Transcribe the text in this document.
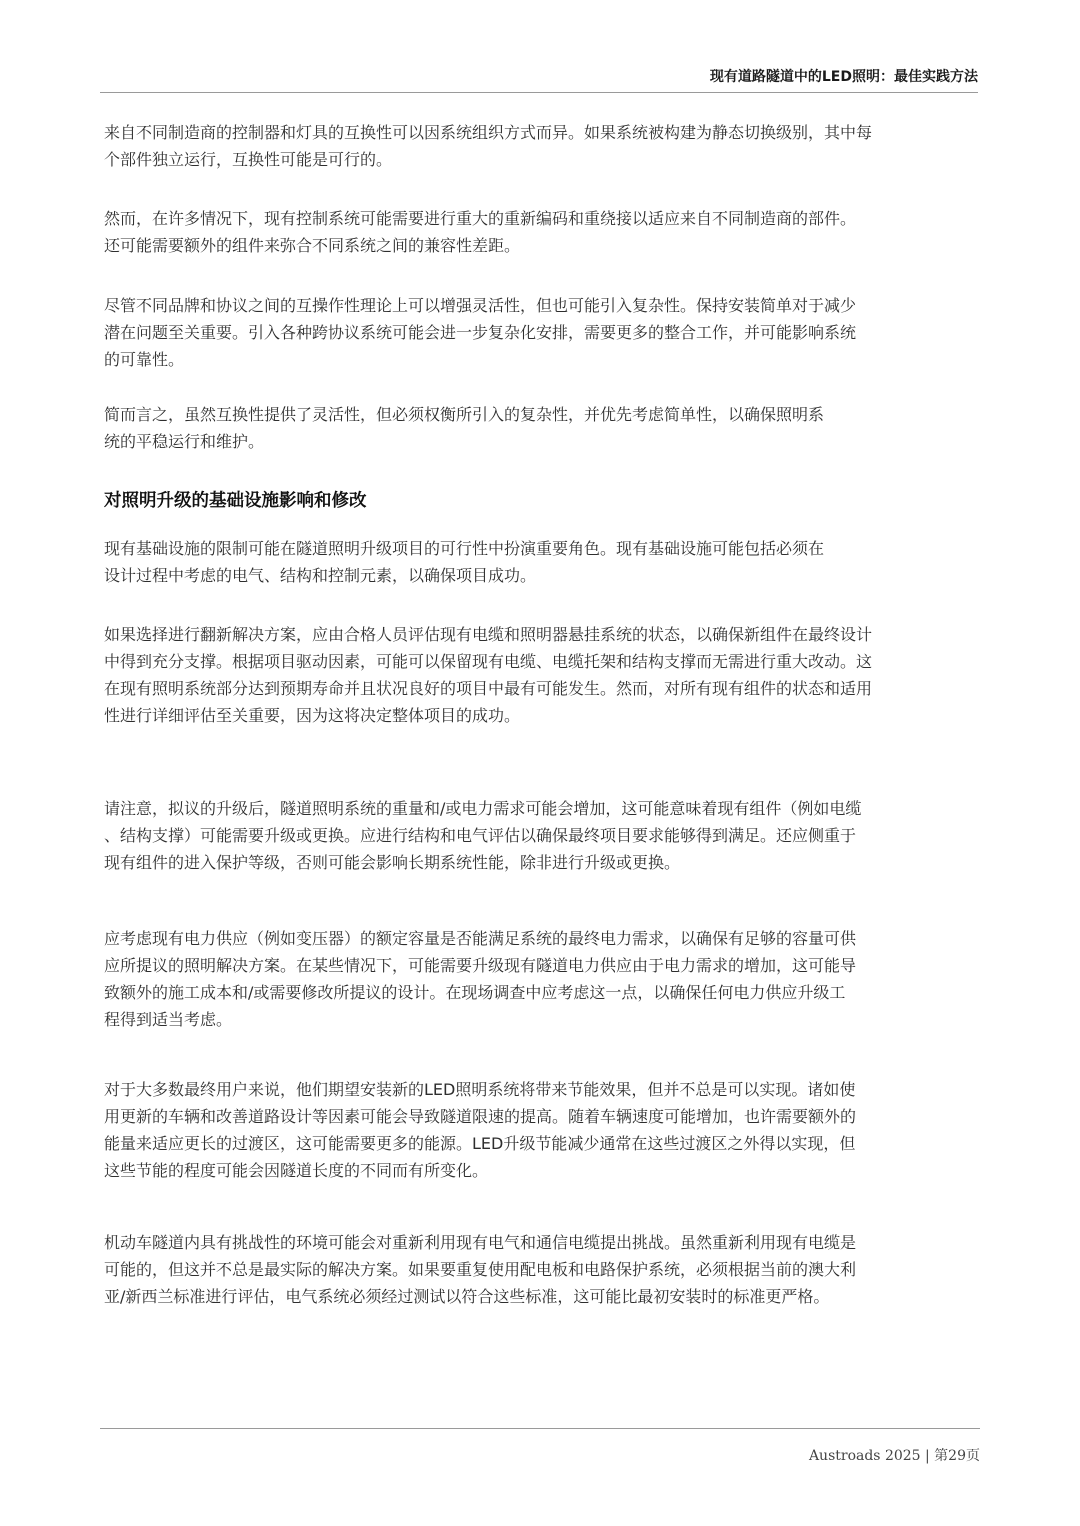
现有道路隧道中的LED照明：最佳实践方法

来自不同制造商的控制器和灯具的互换性可以因系统组织方式而异。如果系统被构建为静态切换级别，其中每
个部件独立运行，互换性可能是可行的。

然而，在许多情况下，现有控制系统可能需要进行重大的重新编码和重绕接以适应来自不同制造商的部件。
还可能需要额外的组件来弥合不同系统之间的兼容性差距。

尽管不同品牌和协议之间的互操作性理论上可以增强灵活性，但也可能引入复杂性。保持安装简单对于减少
潜在问题至关重要。引入各种跨协议系统可能会进一步复杂化安排，需要更多的整合工作，并可能影响系统
的可靠性。

简而言之，虽然互换性提供了灵活性，但必须权衡所引入的复杂性，并优先考虑简单性，以确保照明系
统的平稳运行和维护。

对照明升级的基础设施影响和修改

现有基础设施的限制可能在隧道照明升级项目的可行性中扮演重要角色。现有基础设施可能包括必须在
设计过程中考虑的电气、结构和控制元素，以确保项目成功。

如果选择进行翻新解决方案，应由合格人员评估现有电缆和照明器悬挂系统的状态，以确保新组件在最终设计
中得到充分支撑。根据项目驱动因素，可能可以保留现有电缆、电缆托架和结构支撑而无需进行重大改动。这
在现有照明系统部分达到预期寿命并且状况良好的项目中最有可能发生。然而，对所有现有组件的状态和适用
性进行详细评估至关重要，因为这将决定整体项目的成功。

请注意，拟议的升级后，隧道照明系统的重量和/或电力需求可能会增加，这可能意味着现有组件（例如电缆
、结构支撑）可能需要升级或更换。应进行结构和电气评估以确保最终项目要求能够得到满足。还应侧重于
现有组件的进入保护等级，否则可能会影响长期系统性能，除非进行升级或更换。

应考虑现有电力供应（例如变压器）的额定容量是否能满足系统的最终电力需求，以确保有足够的容量可供
应所提议的照明解决方案。在某些情况下，可能需要升级现有隧道电力供应由于电力需求的增加，这可能导
致额外的施工成本和/或需要修改所提议的设计。在现场调查中应考虑这一点，以确保任何电力供应升级工
程得到适当考虑。

对于大多数最终用户来说，他们期望安装新的LED照明系统将带来节能效果，但并不总是可以实现。诸如使
用更新的车辆和改善道路设计等因素可能会导致隧道限速的提高。随着车辆速度可能增加，也许需要额外的
能量来适应更长的过渡区，这可能需要更多的能源。LED升级节能减少通常在这些过渡区之外得以实现，但
这些节能的程度可能会因隧道长度的不同而有所变化。

机动车隧道内具有挑战性的环境可能会对重新利用现有电气和通信电缆提出挑战。虽然重新利用现有电缆是
可能的，但这并不总是最实际的解决方案。如果要重复使用配电板和电路保护系统，必须根据当前的澳大利
亚/新西兰标准进行评估，电气系统必须经过测试以符合这些标准，这可能比最初安装时的标准更严格。

Austroads 2025 | 第29页
